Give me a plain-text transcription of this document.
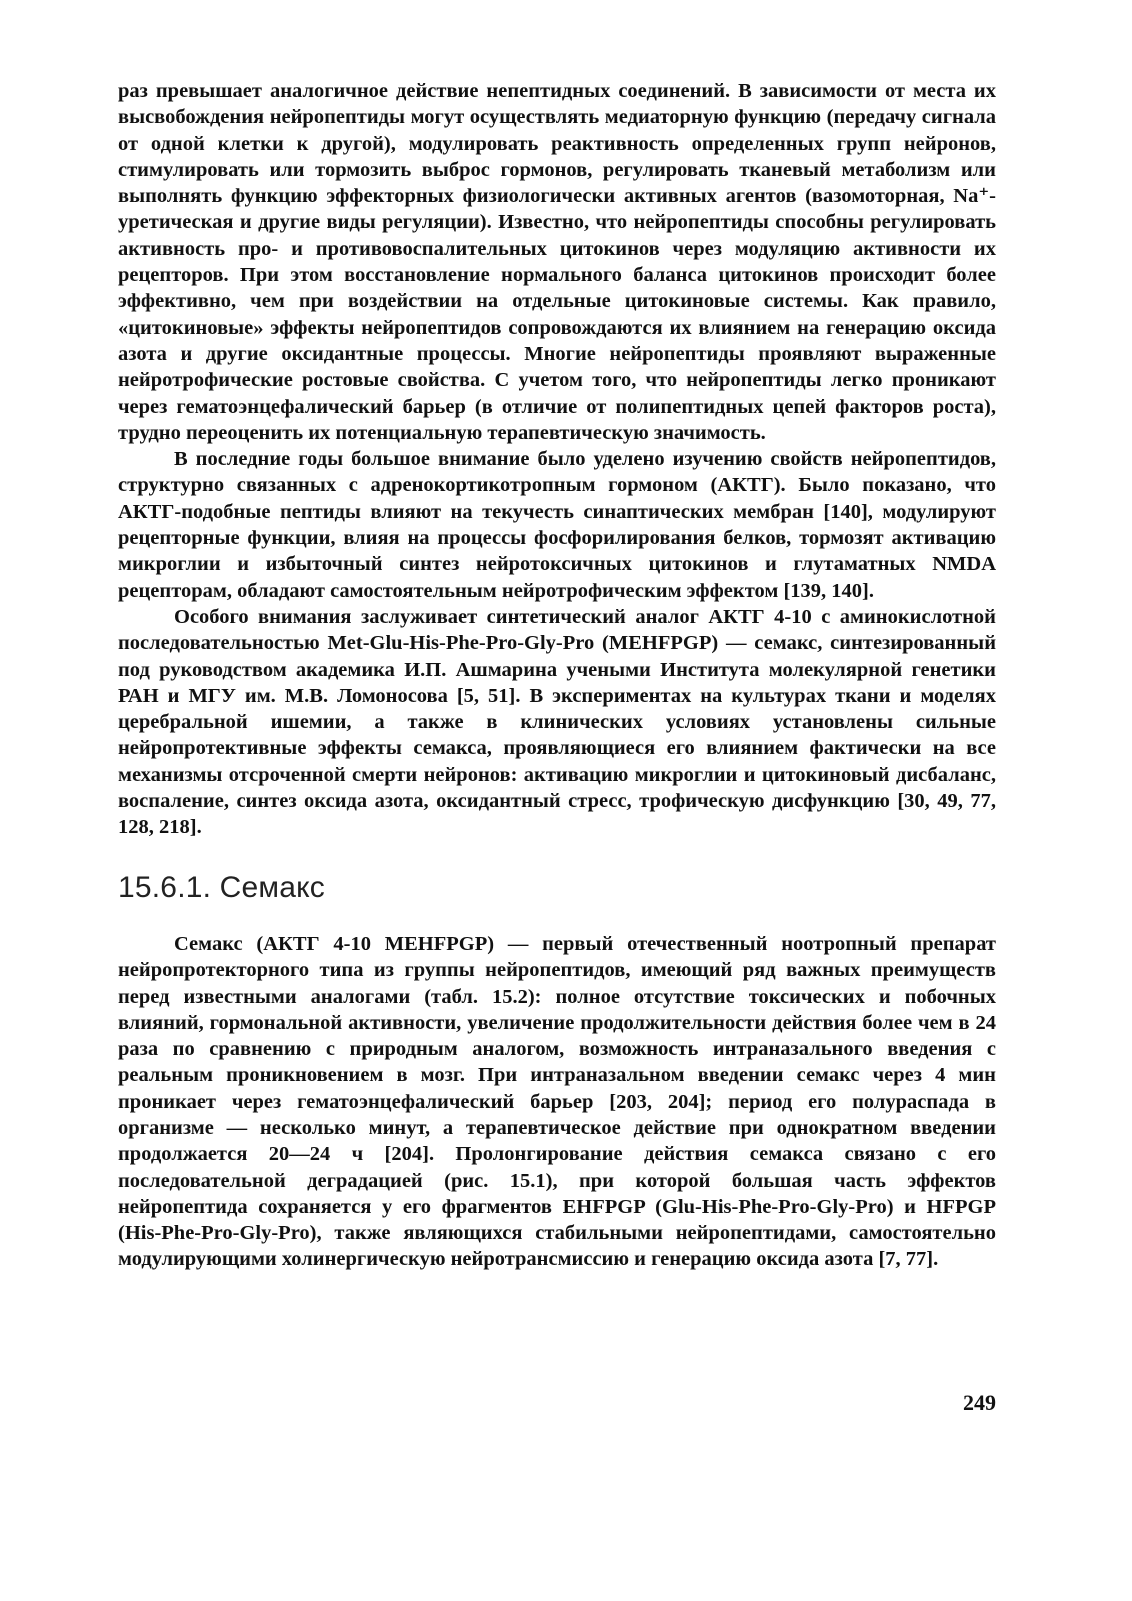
раз превышает аналогичное действие непептидных соединений. В зависимости от места их высвобождения нейропептиды могут осуществлять медиаторную функцию (передачу сигнала от одной клетки к другой), модулировать реактивность определенных групп нейронов, стимулировать или тормозить выброс гормонов, регулировать тканевый метаболизм или выполнять функцию эффекторных физиологически активных агентов (вазомоторная, Na⁺-уретическая и другие виды регуляции). Известно, что нейропептиды способны регулировать активность про- и противовоспалительных цитокинов через модуляцию активности их рецепторов. При этом восстановление нормального баланса цитокинов происходит более эффективно, чем при воздействии на отдельные цитокиновые системы. Как правило, «цитокиновые» эффекты нейропептидов сопровождаются их влиянием на генерацию оксида азота и другие оксидантные процессы. Многие нейропептиды проявляют выраженные нейротрофические ростовые свойства. С учетом того, что нейропептиды легко проникают через гематоэнцефалический барьер (в отличие от полипептидных цепей факторов роста), трудно переоценить их потенциальную терапевтическую значимость.

В последние годы большое внимание было уделено изучению свойств нейропептидов, структурно связанных с адренокортикотропным гормоном (АКТГ). Было показано, что АКТГ-подобные пептиды влияют на текучесть синаптических мембран [140], модулируют рецепторные функции, влияя на процессы фосфорилирования белков, тормозят активацию микроглии и избыточный синтез нейротоксичных цитокинов и глутаматных NMDA рецепторам, обладают самостоятельным нейротрофическим эффектом [139, 140].

Особого внимания заслуживает синтетический аналог АКТГ 4-10 с аминокислотной последовательностью Met-Glu-His-Phe-Pro-Gly-Pro (MEHFPGP) — семакс, синтезированный под руководством академика И.П. Ашмарина учеными Института молекулярной генетики РАН и МГУ им. М.В. Ломоносова [5, 51]. В экспериментах на культурах ткани и моделях церебральной ишемии, а также в клинических условиях установлены сильные нейропротективные эффекты семакса, проявляющиеся его влиянием фактически на все механизмы отсроченной смерти нейронов: активацию микроглии и цитокиновый дисбаланс, воспаление, синтез оксида азота, оксидантный стресс, трофическую дисфункцию [30, 49, 77, 128, 218].

15.6.1. Семакс

Семакс (АКТГ 4-10 MEHFPGP) — первый отечественный ноотропный препарат нейропротекторного типа из группы нейропептидов, имеющий ряд важных преимуществ перед известными аналогами (табл. 15.2): полное отсутствие токсических и побочных влияний, гормональной активности, увеличение продолжительности действия более чем в 24 раза по сравнению с природным аналогом, возможность интраназального введения с реальным проникновением в мозг. При интраназальном введении семакс через 4 мин проникает через гематоэнцефалический барьер [203, 204]; период его полураспада в организме — несколько минут, а терапевтическое действие при однократном введении продолжается 20—24 ч [204]. Пролонгирование действия семакса связано с его последовательной деградацией (рис. 15.1), при которой большая часть эффектов нейропептида сохраняется у его фрагментов EHFPGP (Glu-His-Phe-Pro-Gly-Pro) и HFPGP (His-Phe-Pro-Gly-Pro), также являющихся стабильными нейропептидами, самостоятельно модулирующими холинергическую нейротрансмиссию и генерацию оксида азота [7, 77].

249
